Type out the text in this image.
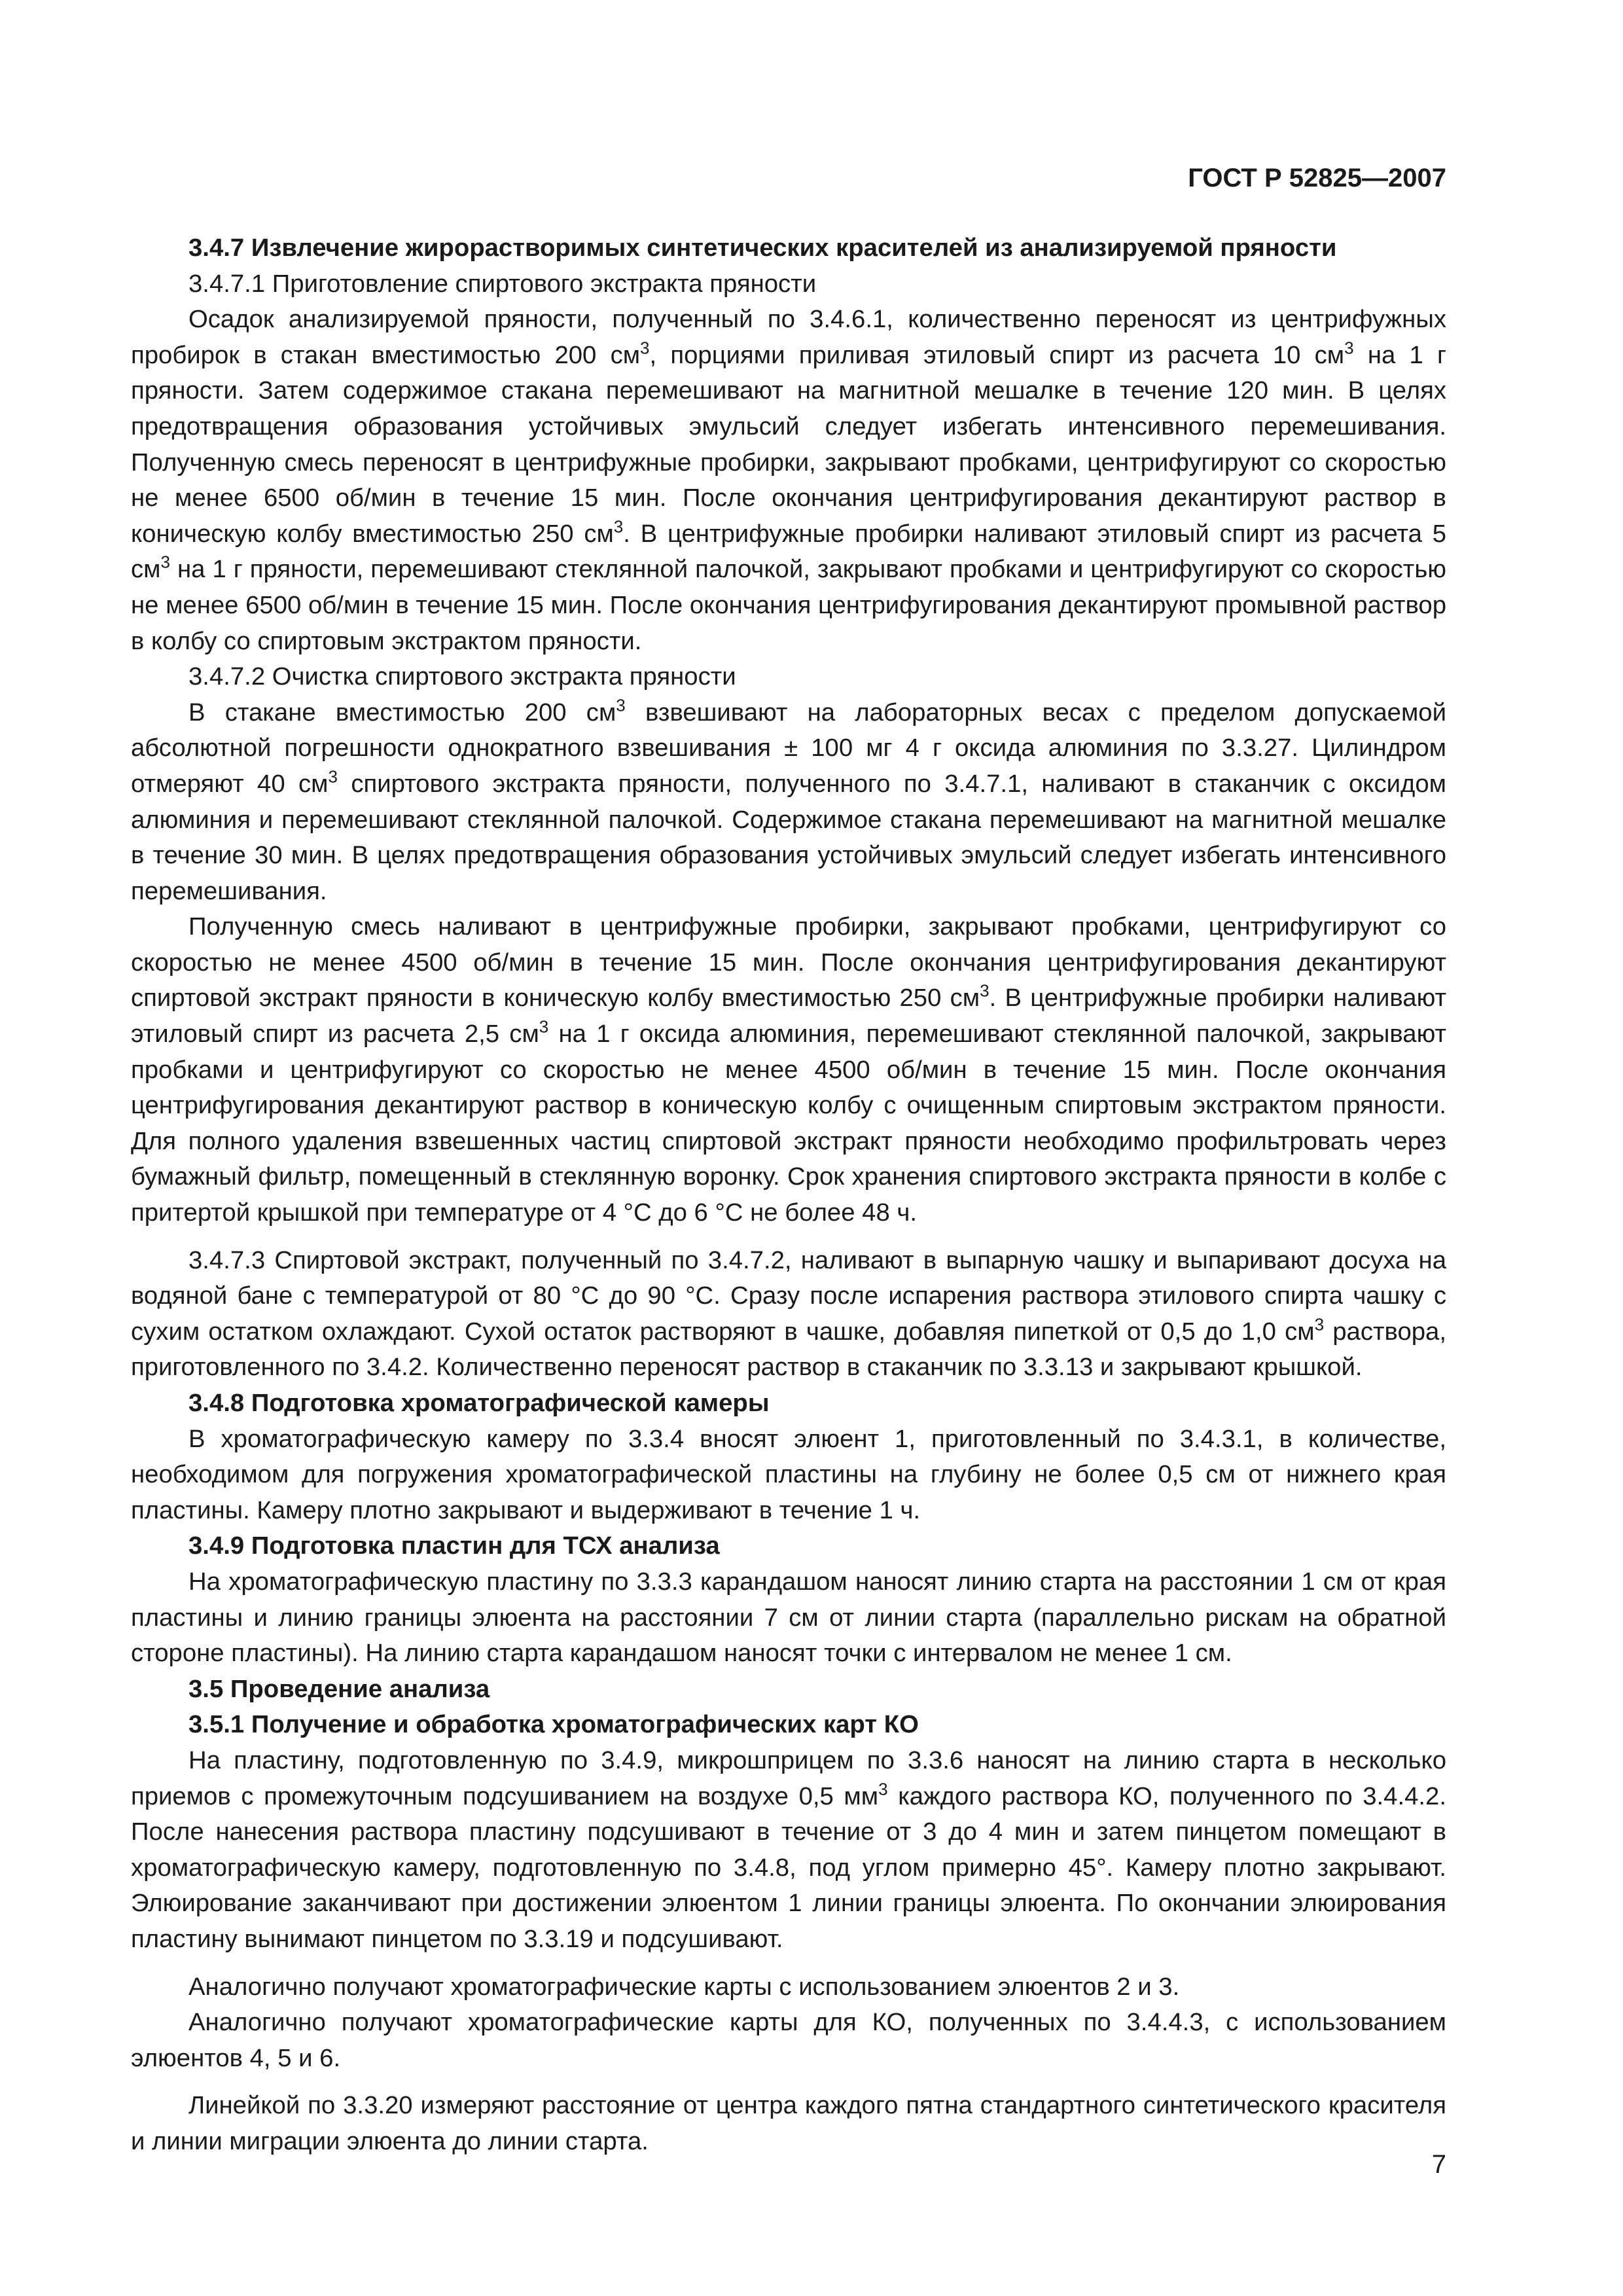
ГОСТ Р 52825—2007

3.4.7 Извлечение жирорастворимых синтетических красителей из анализируемой пряности

3.4.7.1 Приготовление спиртового экстракта пряности

Осадок анализируемой пряности, полученный по 3.4.6.1, количественно переносят из центрифужных пробирок в стакан вместимостью 200 $см^3$, порциями приливая этиловый спирт из расчета 10 $см^3$ на 1 г пряности. Затем содержимое стакана перемешивают на магнитной мешалке в течение 120 мин. В целях предотвращения образования устойчивых эмульсий следует избегать интенсивного перемешивания. Полученную смесь переносят в центрифужные пробирки, закрывают пробками, центрифугируют со скоростью не менее 6500 об/мин в течение 15 мин. После окончания центрифугирования декантируют раствор в коническую колбу вместимостью 250 $см^3$. В центрифужные пробирки наливают этиловый спирт из расчета 5 $см^3$ на 1 г пряности, перемешивают стеклянной палочкой, закрывают пробками и центрифугируют со скоростью не менее 6500 об/мин в течение 15 мин. После окончания центрифугирования декантируют промывной раствор в колбу со спиртовым экстрактом пряности.

3.4.7.2 Очистка спиртового экстракта пряности

В стакане вместимостью 200 $см^3$ взвешивают на лабораторных весах с пределом допускаемой абсолютной погрешности однократного взвешивания ± 100 мг 4 г оксида алюминия по 3.3.27. Цилиндром отмеряют 40 $см^3$ спиртового экстракта пряности, полученного по 3.4.7.1, наливают в стаканчик с оксидом алюминия и перемешивают стеклянной палочкой. Содержимое стакана перемешивают на магнитной мешалке в течение 30 мин. В целях предотвращения образования устойчивых эмульсий следует избегать интенсивного перемешивания.

Полученную смесь наливают в центрифужные пробирки, закрывают пробками, центрифугируют со скоростью не менее 4500 об/мин в течение 15 мин. После окончания центрифугирования декантируют спиртовой экстракт пряности в коническую колбу вместимостью 250 $см^3$. В центрифужные пробирки наливают этиловый спирт из расчета 2,5 $см^3$ на 1 г оксида алюминия, перемешивают стеклянной палочкой, закрывают пробками и центрифугируют со скоростью не менее 4500 об/мин в течение 15 мин. После окончания центрифугирования декантируют раствор в коническую колбу с очищенным спиртовым экстрактом пряности. Для полного удаления взвешенных частиц спиртовой экстракт пряности необходимо профильтровать через бумажный фильтр, помещенный в стеклянную воронку. Срок хранения спиртового экстракта пряности в колбе с притертой крышкой при температуре от 4 °С до 6 °С не более 48 ч.

3.4.7.3 Спиртовой экстракт, полученный по 3.4.7.2, наливают в выпарную чашку и выпаривают досуха на водяной бане с температурой от 80 °С до 90 °С. Сразу после испарения раствора этилового спирта чашку с сухим остатком охлаждают. Сухой остаток растворяют в чашке, добавляя пипеткой от 0,5 до 1,0 $см^3$ раствора, приготовленного по 3.4.2. Количественно переносят раствор в стаканчик по 3.3.13 и закрывают крышкой.

3.4.8 Подготовка хроматографической камеры

В хроматографическую камеру по 3.3.4 вносят элюент 1, приготовленный по 3.4.3.1, в количестве, необходимом для погружения хроматографической пластины на глубину не более 0,5 см от нижнего края пластины. Камеру плотно закрывают и выдерживают в течение 1 ч.

3.4.9 Подготовка пластин для ТСХ анализа

На хроматографическую пластину по 3.3.3 карандашом наносят линию старта на расстоянии 1 см от края пластины и линию границы элюента на расстоянии 7 см от линии старта (параллельно рискам на обратной стороне пластины). На линию старта карандашом наносят точки с интервалом не менее 1 см.

3.5 Проведение анализа

3.5.1 Получение и обработка хроматографических карт КО

На пластину, подготовленную по 3.4.9, микрошприцем по 3.3.6 наносят на линию старта в несколько приемов с промежуточным подсушиванием на воздухе 0,5 $мм^3$ каждого раствора КО, полученного по 3.4.4.2. После нанесения раствора пластину подсушивают в течение от 3 до 4 мин и затем пинцетом помещают в хроматографическую камеру, подготовленную по 3.4.8, под углом примерно 45°. Камеру плотно закрывают. Элюирование заканчивают при достижении элюентом 1 линии границы элюента. По окончании элюирования пластину вынимают пинцетом по 3.3.19 и подсушивают.

Аналогично получают хроматографические карты с использованием элюентов 2 и 3.

Аналогично получают хроматографические карты для КО, полученных по 3.4.4.3, с использованием элюентов 4, 5 и 6.

Линейкой по 3.3.20 измеряют расстояние от центра каждого пятна стандартного синтетического красителя и линии миграции элюента до линии старта.

7
